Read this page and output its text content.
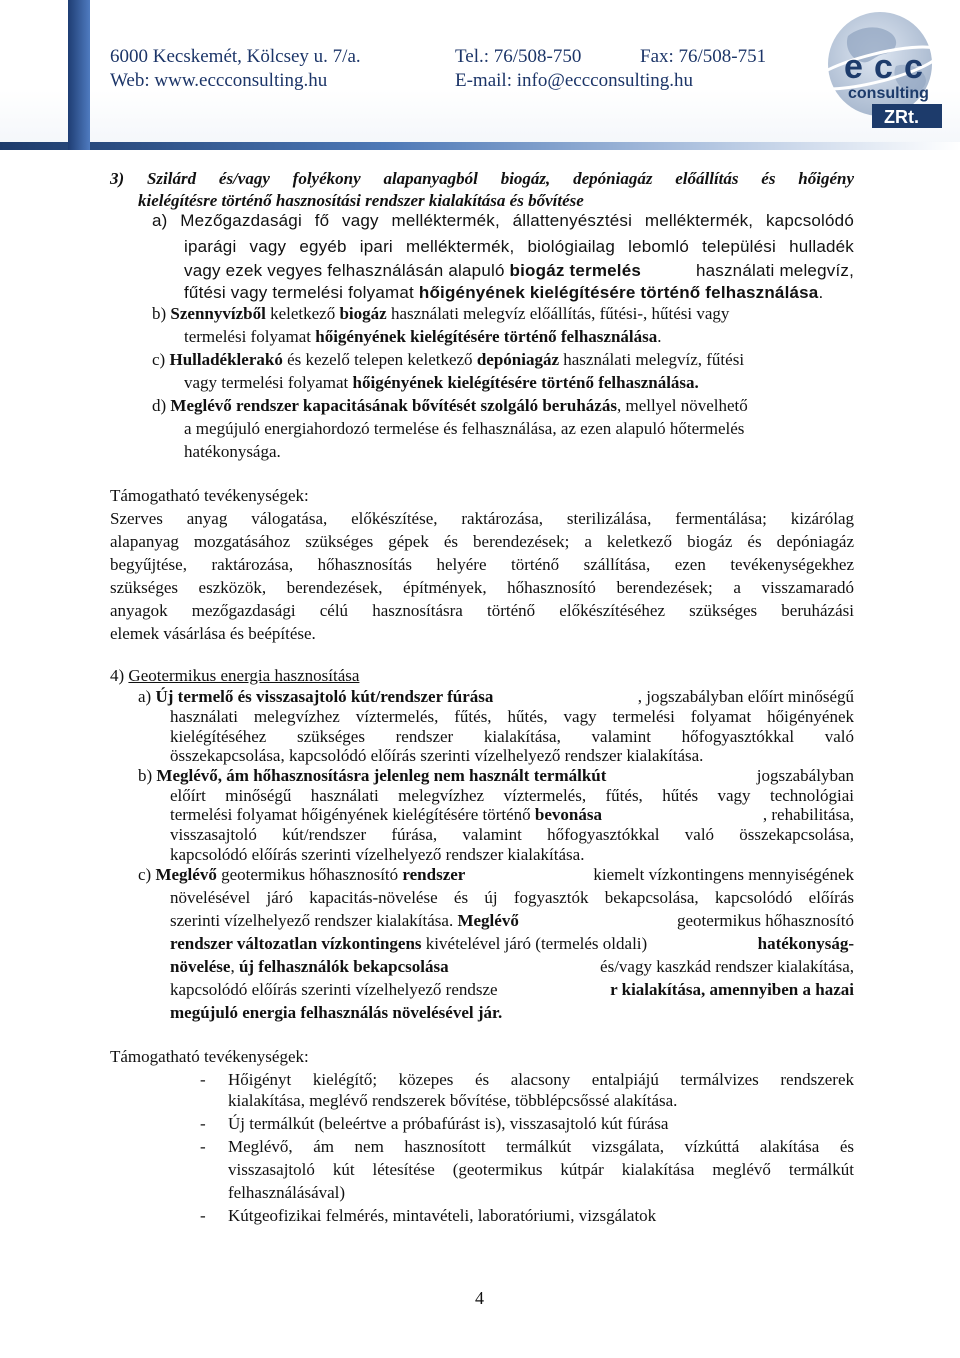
6000 Kecskemét, Kölcsey u. 7/a.	Tel.: 76/508-750	Fax: 76/508-751
Web: www.eccconsulting.hu	E-mail: info@eccconsulting.hu	e c c
consulting
ZRt.
3) Szilárd és/vagy folyékony alapanyagból biogáz, depóniagáz előállítás és hőigény
kielégítésre történő hasznosítási rendszer kialakítása és bővítése
a) Mezőgazdasági fő vagy melléktermék, állattenyésztési melléktermék, kapcsolódó
iparági vagy egyéb ipari melléktermék, biológiailag lebomló települési hulladék
vagy ezek vegyes felhasználásán alapuló biogáz termelés	használati melegvíz,
fűtési vagy termelési folyamat hőigényének kielégítésére történő felhasználása.
b) Szennyvízből keletkező biogáz használati melegvíz előállítás, fűtési-, hűtési vagy
termelési folyamat hőigényének kielégítésére történő felhasználása.
c) Hulladéklerakó és kezelő telepen keletkező depóniagáz használati melegvíz, fűtési
vagy termelési folyamat hőigényének kielégítésére történő felhasználása.
d) Meglévő rendszer kapacitásának bővítését szolgáló beruházás, mellyel növelhető
a megújuló energiahordozó termelése és felhasználása, az ezen alapuló hőtermelés
hatékonysága.
Támogatható tevékenységek:
Szerves anyag válogatása, előkészítése, raktározása, sterilizálása, fermentálása; kizárólag
alapanyag mozgatásához szükséges gépek és berendezések; a keletkező biogáz és depóniagáz
begyűjtése, raktározása, hőhasznosítás helyére történő szállítása, ezen tevékenységekhez
szükséges eszközök, berendezések, építmények, hőhasznosító berendezések; a visszamaradó
anyagok mezőgazdasági célú hasznosításra történő előkészítéséhez szükséges beruházási
elemek vásárlása és beépítése.
4) Geotermikus energia hasznosítása
a) Új termelő és visszasajtoló kút/rendszer fúrása	, jogszabályban előírt minőségű
használati melegvízhez víztermelés, fűtés, hűtés, vagy termelési folyamat hőigényének
kielégítéséhez szükséges rendszer kialakítása, valamint hőfogyasztókkal való
összekapcsolása, kapcsolódó előírás szerinti vízelhelyező rendszer kialakítása.
b) Meglévő, ám hőhasznosításra jelenleg nem használt termálkút	jogszabályban
előírt minőségű használati melegvízhez víztermelés, fűtés, hűtés vagy technológiai
termelési folyamat hőigényének kielégítésére történő bevonása	, rehabilitása,
visszasajtoló kút/rendszer fúrása, valamint hőfogyasztókkal való összekapcsolása,
kapcsolódó előírás szerinti vízelhelyező rendszer kialakítása.
c) Meglévő geotermikus hőhasznosító rendszer	kiemelt vízkontingens mennyiségének
növelésével járó kapacitás-növelése és új fogyasztók bekapcsolása, kapcsolódó előírás
szerinti vízelhelyező rendszer kialakítása. Meglévő	geotermikus hőhasznosító
rendszer változatlan vízkontingens kivételével járó (termelés oldali)	hatékonyság-
növelése, új felhasználók bekapcsolása	és/vagy kaszkád rendszer kialakítása,
kapcsolódó előírás szerinti vízelhelyező rendsze	r kialakítása, amennyiben a hazai
megújuló energia felhasználás növelésével jár.
Támogatható tevékenységek:
- Hőigényt kielégítő; közepes és alacsony entalpiájú termálvizes rendszerek
kialakítása, meglévő rendszerek bővítése, többlépcsőssé alakítása.
- Új termálkút (beleértve a próbafúrást is), visszasajtoló kút fúrása
- Meglévő, ám nem hasznosított termálkút vizsgálata, vízkúttá alakítása és
visszasajtoló kút létesítése (geotermikus kútpár kialakítása meglévő termálkút
felhasználásával)
- Kútgeofizikai felmérés, mintavételi, laboratóriumi, vizsgálatok
4
